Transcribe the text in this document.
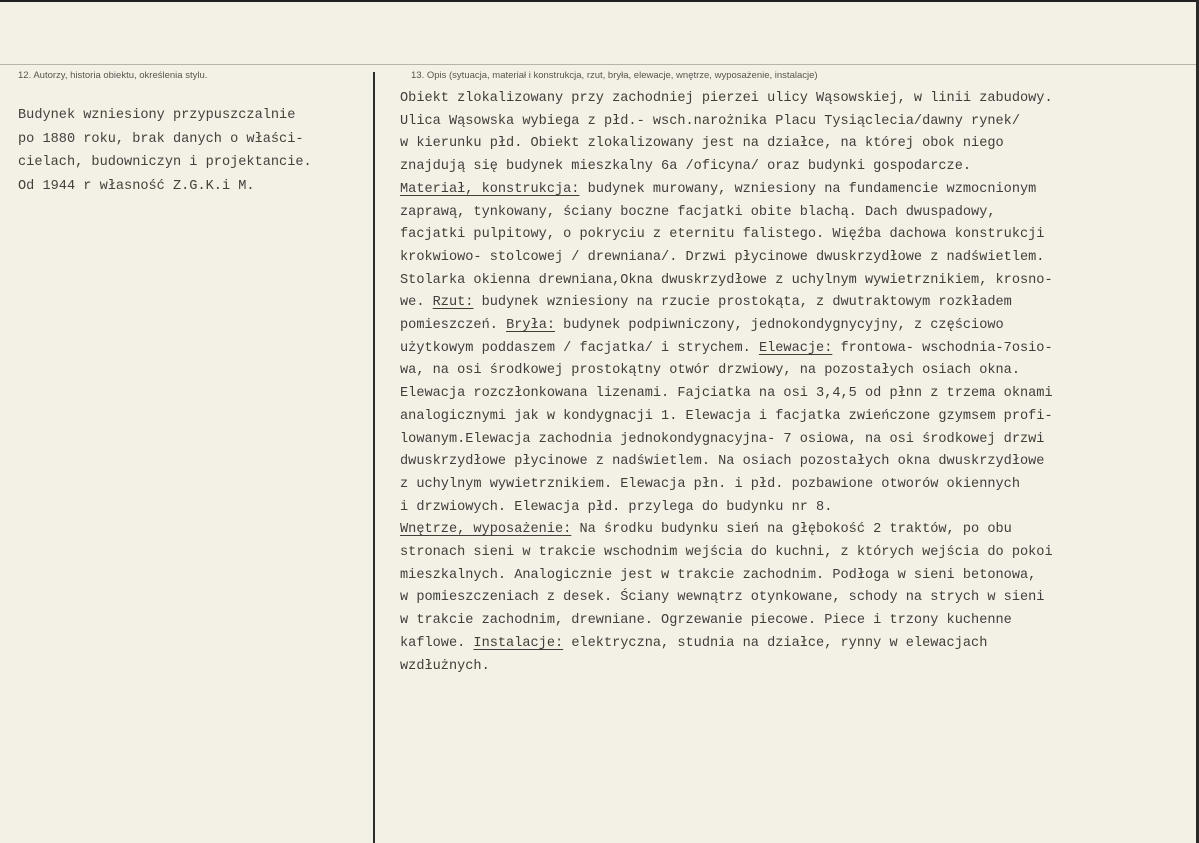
12. Autorzy, historia obiektu, określenia stylu.	13. Opis (sytuacja, materiał i konstrukcja, rzut, bryła, elewacje, wnętrze, wyposażenie, instalacje)
Budynek wzniesiony przypuszczalnie
po 1880 roku, brak danych o właści-
cielach, budowniczyn i projektancie.
Od 1944 r własność Z.G.K.i M.
Obiekt zlokalizowany przy zachodniej pierzei ulicy Wąsowskiej, w linii zabudowy.
Ulica Wąsowska wybiega z płd.- wsch.narożnika Placu Tysiąclecia/dawny rynek/
w kierunku płd. Obiekt zlokalizowany jest na działce, na której obok niego
znajdują się budynek mieszkalny 6a /oficyna/ oraz budynki gospodarcze.
Materiał, konstrukcja: budynek murowany, wzniesiony na fundamencie wzmocnionym
zaprawą, tynkowany, ściany boczne facjatki obite blachą. Dach dwuspadowy,
facjatki pulpitowy, o pokryciu z eternitu falistego. Więźba dachowa konstrukcji
krokwiowo- stolcowej / drewniana/. Drzwi płycinowe dwuskrzydłowe z nadświetlem.
Stolarka okienna drewniana,Okna dwuskrzydłowe z uchylnym wywietrznikiem, krosno-
we. Rzut: budynek wzniesiony na rzucie prostokąta, z dwutraktowym rozkładem
pomieszczeń. Bryła: budynek podpiwniczony, jednokondygnycyjny, z częściowo
użytkowym poddaszem / facjatka/ i strychem. Elewacje: frontowa- wschodnia-7osio-
wa, na osi środkowej prostokątny otwór drzwiowy, na pozostałych osiach okna.
Elewacja rozczłonkowana lizenami. Fajciatka na osi 3,4,5 od płnn z trzema oknami
analogicznymi jak w kondygnacji 1. Elewacja i facjatka zwieńczone gzymsem profi-
lowanym.Elewacja zachodnia jednokondygnacyjna- 7 osiowa, na osi środkowej drzwi
dwuskrzydłowe płycinowe z nadświetlem. Na osiach pozostałych okna dwuskrzydłowe
z uchylnym wywietrznikiem. Elewacja płn. i płd. pozbawione otworów okiennych
i drzwiowych. Elewacja płd. przylega do budynku nr 8.
Wnętrze, wyposażenie: Na środku budynku sień na głębokość 2 traktów, po obu
stronach sieni w trakcie wschodnim wejścia do kuchni, z których wejścia do pokoi
mieszkalnych. Analogicznie jest w trakcie zachodnim. Podłoga w sieni betonowa,
w pomieszczeniach z desek. Ściany wewnątrz otynkowane, schody na strych w sieni
w trakcie zachodnim, drewniane. Ogrzewanie piecowe. Piece i trzony kuchenne
kaflowe. Instalacje: elektryczna, studnia na działce, rynny w elewacjach
wzdłużnych.
